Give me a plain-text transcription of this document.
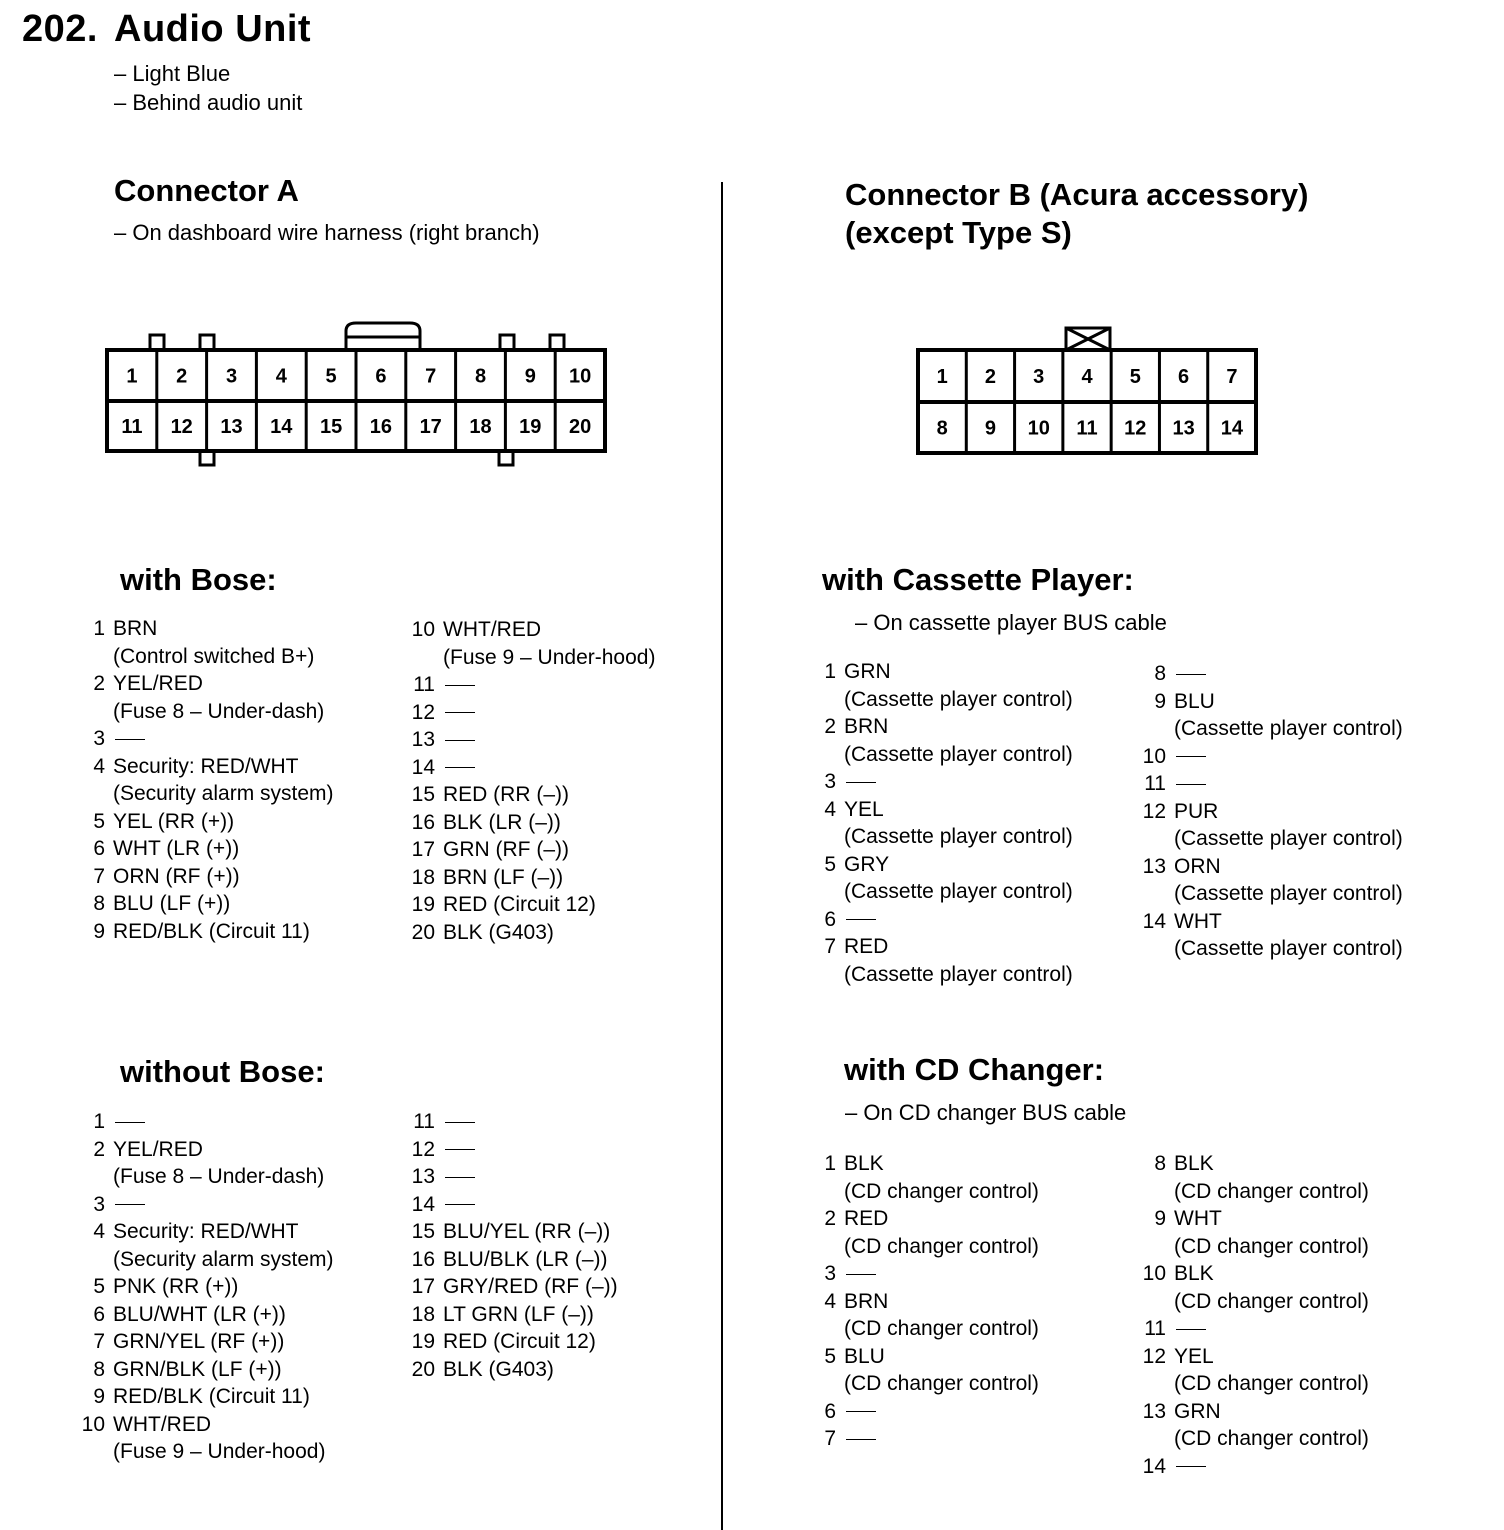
202. Audio Unit
– Light Blue
– Behind audio unit
Connector A
– On dashboard wire harness (right branch)
1 2 3 4 5 6 7 8 9 10
11 12 13 14 15 16 17 18 19 20
Connector B (Acura accessory)
(except Type S)
1 2 3 4 5 6 7
8 9 10 11 12 13 14
with Bose:
1 BRN
(Control switched B+)
2 YEL/RED
(Fuse 8 – Under-dash)
3
4 Security: RED/WHT
(Security alarm system)
5 YEL (RR (+))
6 WHT (LR (+))
7 ORN (RF (+))
8 BLU (LF (+))
9 RED/BLK (Circuit 11)
10 WHT/RED
(Fuse 9 – Under-hood)
11
12
13
14
15 RED (RR (–))
16 BLK (LR (–))
17 GRN (RF (–))
18 BRN (LF (–))
19 RED (Circuit 12)
20 BLK (G403)
without Bose:
1
2 YEL/RED
(Fuse 8 – Under-dash)
3
4 Security: RED/WHT
(Security alarm system)
5 PNK (RR (+))
6 BLU/WHT (LR (+))
7 GRN/YEL (RF (+))
8 GRN/BLK (LF (+))
9 RED/BLK (Circuit 11)
10 WHT/RED
(Fuse 9 – Under-hood)
11
12
13
14
15 BLU/YEL (RR (–))
16 BLU/BLK (LR (–))
17 GRY/RED (RF (–))
18 LT GRN (LF (–))
19 RED (Circuit 12)
20 BLK (G403)
with Cassette Player:
– On cassette player BUS cable
1 GRN
(Cassette player control)
2 BRN
(Cassette player control)
3
4 YEL
(Cassette player control)
5 GRY
(Cassette player control)
6
7 RED
(Cassette player control)
8
9 BLU
(Cassette player control)
10
11
12 PUR
(Cassette player control)
13 ORN
(Cassette player control)
14 WHT
(Cassette player control)
with CD Changer:
– On CD changer BUS cable
1 BLK
(CD changer control)
2 RED
(CD changer control)
3
4 BRN
(CD changer control)
5 BLU
(CD changer control)
6
7
8 BLK
(CD changer control)
9 WHT
(CD changer control)
10 BLK
(CD changer control)
11
12 YEL
(CD changer control)
13 GRN
(CD changer control)
14
